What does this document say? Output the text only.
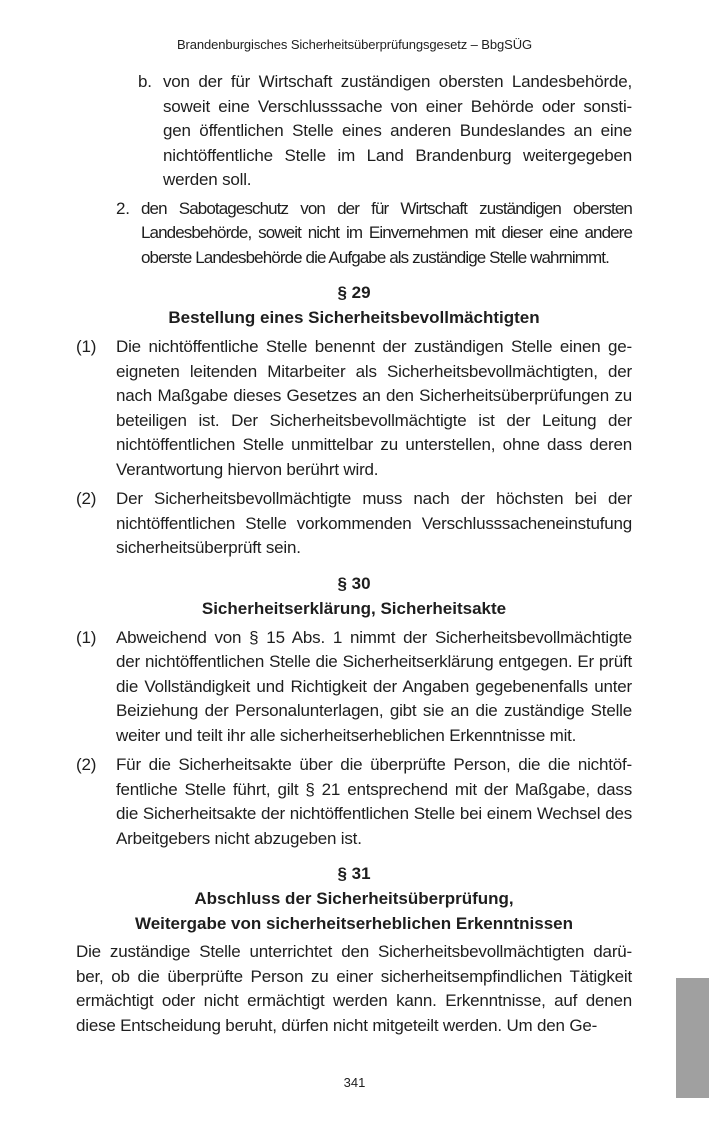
Brandenburgisches Sicherheitsüberprüfungsgesetz – BbgSÜG
b. von der für Wirtschaft zuständigen obersten Landesbehörde, soweit eine Verschlusssache von einer Behörde oder sonsti-gen öffentlichen Stelle eines anderen Bundeslandes an eine nichtöffentliche Stelle im Land Brandenburg weitergegeben werden soll.
2. den Sabotageschutz von der für Wirtschaft zuständigen obersten Landesbehörde, soweit nicht im Einvernehmen mit dieser eine andere oberste Landesbehörde die Aufgabe als zuständige Stelle wahrnimmt.
§ 29
Bestellung eines Sicherheitsbevollmächtigten
(1)	Die nichtöffentliche Stelle benennt der zuständigen Stelle einen ge-eigneten leitenden Mitarbeiter als Sicherheitsbevollmächtigten, der nach Maßgabe dieses Gesetzes an den Sicherheitsüberprüfungen zu beteiligen ist. Der Sicherheitsbevollmächtigte ist der Leitung der nichtöffentlichen Stelle unmittelbar zu unterstellen, ohne dass deren Verantwortung hiervon berührt wird.
(2)	Der Sicherheitsbevollmächtigte muss nach der höchsten bei der nichtöffentlichen Stelle vorkommenden Verschlusssacheneinstufung sicherheitsüberprüft sein.
§ 30
Sicherheitserklärung, Sicherheitsakte
(1)	Abweichend von § 15 Abs. 1 nimmt der Sicherheitsbevollmächtigte der nichtöffentlichen Stelle die Sicherheitserklärung entgegen. Er prüft die Vollständigkeit und Richtigkeit der Angaben gegebenenfalls unter Beiziehung der Personalunterlagen, gibt sie an die zuständige Stelle weiter und teilt ihr alle sicherheitserheblichen Erkenntnisse mit.
(2)	Für die Sicherheitsakte über die überprüfte Person, die die nichtöf-fentliche Stelle führt, gilt § 21 entsprechend mit der Maßgabe, dass die Sicherheitsakte der nichtöffentlichen Stelle bei einem Wechsel des Arbeitgebers nicht abzugeben ist.
§ 31
Abschluss der Sicherheitsüberprüfung,
Weitergabe von sicherheitserheblichen Erkenntnissen
Die zuständige Stelle unterrichtet den Sicherheitsbevollmächtigten darü-ber, ob die überprüfte Person zu einer sicherheitsempfindlichen Tätigkeit ermächtigt oder nicht ermächtigt werden kann. Erkenntnisse, auf denen diese Entscheidung beruht, dürfen nicht mitgeteilt werden. Um den Ge-
341
